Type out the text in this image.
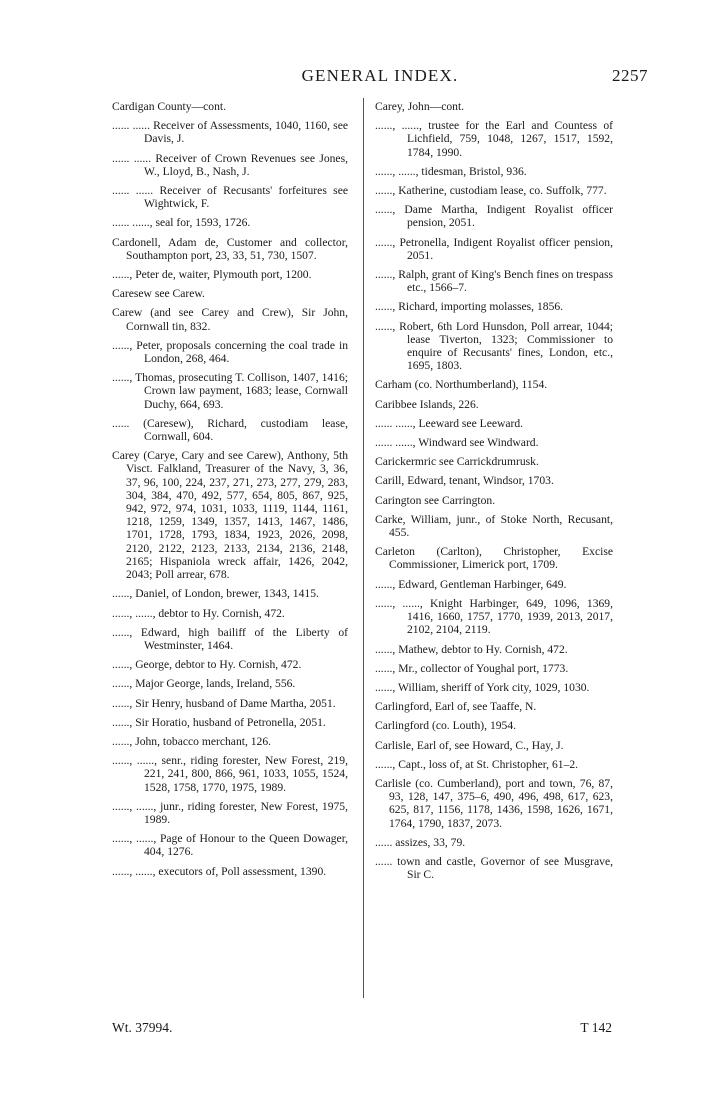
GENERAL INDEX.	2257
Cardigan County—cont.
...... ...... Receiver of Assessments, 1040, 1160, see Davis, J.
...... ...... Receiver of Crown Revenues see Jones, W., Lloyd, B., Nash, J.
...... ...... Receiver of Recusants' forfeitures see Wightwick, F.
...... ......, seal for, 1593, 1726.
Cardonell, Adam de, Customer and collector, Southampton port, 23, 33, 51, 730, 1507.
......, Peter de, waiter, Plymouth port, 1200.
Caresew see Carew.
Carew (and see Carey and Crew), Sir John, Cornwall tin, 832.
......, Peter, proposals concerning the coal trade in London, 268, 464.
......, Thomas, prosecuting T. Collison, 1407, 1416; Crown law payment, 1683; lease, Cornwall Duchy, 664, 693.
...... (Caresew), Richard, custodiam lease, Cornwall, 604.
Carey (Carye, Cary and see Carew), Anthony, 5th Visct. Falkland, Treasurer of the Navy, 3, 36, 37, 96, 100, 224, 237, 271, 273, 277, 279, 283, 304, 384, 470, 492, 577, 654, 805, 867, 925, 942, 972, 974, 1031, 1033, 1119, 1144, 1161, 1218, 1259, 1349, 1357, 1413, 1467, 1486, 1701, 1728, 1793, 1834, 1923, 2026, 2098, 2120, 2122, 2123, 2133, 2134, 2136, 2148, 2165; Hispaniola wreck affair, 1426, 2042, 2043; Poll arrear, 678.
......, Daniel, of London, brewer, 1343, 1415.
......, ......, debtor to Hy. Cornish, 472.
......, Edward, high bailiff of the Liberty of Westminster, 1464.
......, George, debtor to Hy. Cornish, 472.
......, Major George, lands, Ireland, 556.
......, Sir Henry, husband of Dame Martha, 2051.
......, Sir Horatio, husband of Petronella, 2051.
......, John, tobacco merchant, 126.
......, ......, senr., riding forester, New Forest, 219, 221, 241, 800, 866, 961, 1033, 1055, 1524, 1528, 1758, 1770, 1975, 1989.
......, ......, junr., riding forester, New Forest, 1975, 1989.
......, ......, Page of Honour to the Queen Dowager, 404, 1276.
......, ......, executors of, Poll assessment, 1390.
Carey, John—cont.
......, ......, trustee for the Earl and Countess of Lichfield, 759, 1048, 1267, 1517, 1592, 1784, 1990.
......, ......, tidesman, Bristol, 936.
......, Katherine, custodiam lease, co. Suffolk, 777.
......, Dame Martha, Indigent Royalist officer pension, 2051.
......, Petronella, Indigent Royalist officer pension, 2051.
......, Ralph, grant of King's Bench fines on trespass etc., 1566–7.
......, Richard, importing molasses, 1856.
......, Robert, 6th Lord Hunsdon, Poll arrear, 1044; lease Tiverton, 1323; Commissioner to enquire of Recusants' fines, London, etc., 1695, 1803.
Carham (co. Northumberland), 1154.
Caribbee Islands, 226.
...... ......, Leeward see Leeward.
...... ......, Windward see Windward.
Carickermric see Carrickdrumrusk.
Carill, Edward, tenant, Windsor, 1703.
Carington see Carrington.
Carke, William, junr., of Stoke North, Recusant, 455.
Carleton (Carlton), Christopher, Excise Commissioner, Limerick port, 1709.
......, Edward, Gentleman Harbinger, 649.
......, ......, Knight Harbinger, 649, 1096, 1369, 1416, 1660, 1757, 1770, 1939, 2013, 2017, 2102, 2104, 2119.
......, Mathew, debtor to Hy. Cornish, 472.
......, Mr., collector of Youghal port, 1773.
......, William, sheriff of York city, 1029, 1030.
Carlingford, Earl of, see Taaffe, N.
Carlingford (co. Louth), 1954.
Carlisle, Earl of, see Howard, C., Hay, J.
......, Capt., loss of, at St. Christopher, 61–2.
Carlisle (co. Cumberland), port and town, 76, 87, 93, 128, 147, 375–6, 490, 496, 498, 617, 623, 625, 817, 1156, 1178, 1436, 1598, 1626, 1671, 1764, 1790, 1837, 2073.
...... assizes, 33, 79.
...... town and castle, Governor of see Musgrave, Sir C.
Wt. 37994.	T 142
